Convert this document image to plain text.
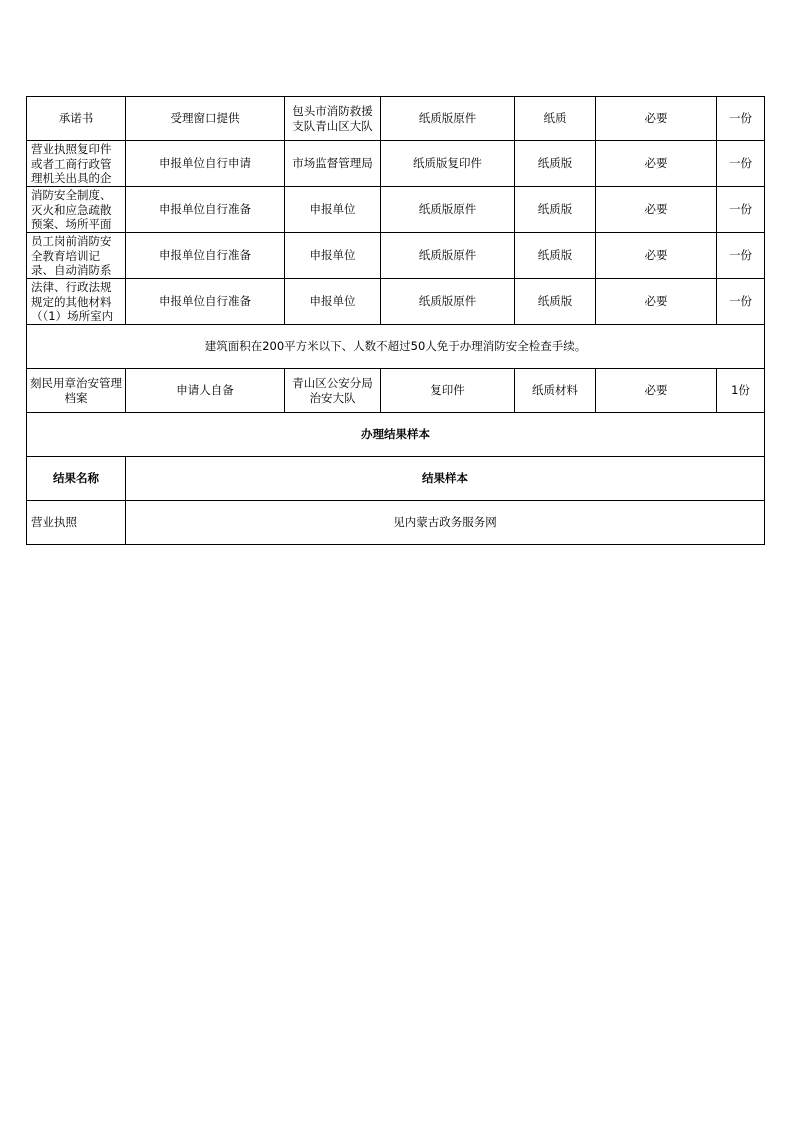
承诺书	受理窗口提供	包头市消防救援支队青山区大队	纸质版原件	纸质	必要	一份

营业执照复印件或者工商行政管理机关出具的企	申报单位自行申请	市场监督管理局	纸质版复印件	纸质版	必要	一份

消防安全制度、灭火和应急疏散预案、场所平面	申报单位自行准备	申报单位	纸质版原件	纸质版	必要	一份

员工岗前消防安全教育培训记录、自动消防系	申报单位自行准备	申报单位	纸质版原件	纸质版	必要	一份

法律、行政法规规定的其他材料（（1）场所室内	申报单位自行准备	申报单位	纸质版原件	纸质版	必要	一份
建筑面积在200平方米以下、人数不超过50人免于办理消防安全检查手续。						
刻民用章治安管理档案	申请人自备	青山区公安分局治安大队	复印件	纸质材料	必要	1份
办理结果样本						
结果名称	结果样本					
营业执照	见内蒙古政务服务网					
